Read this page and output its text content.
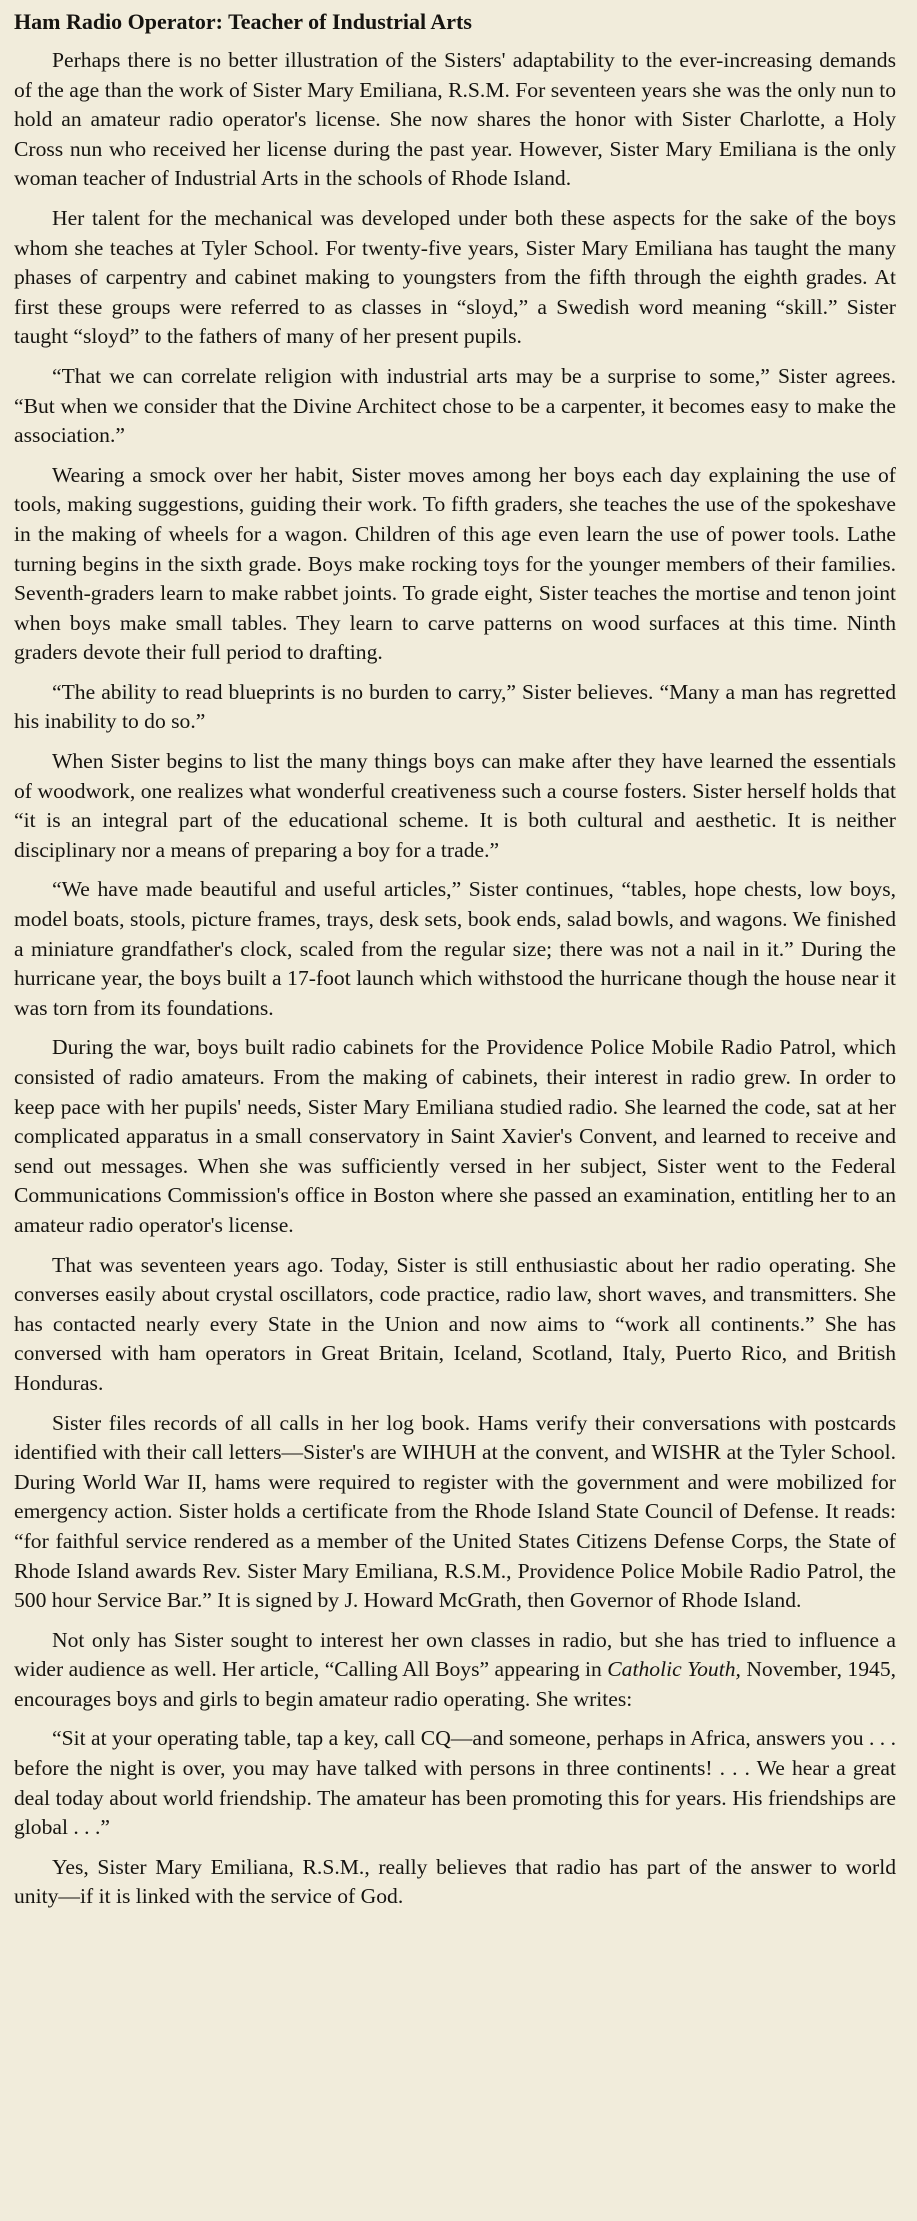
Ham Radio Operator: Teacher of Industrial Arts

Perhaps there is no better illustration of the Sisters' adaptability to the ever-increasing demands of the age than the work of Sister Mary Emiliana, R.S.M. For seventeen years she was the only nun to hold an amateur radio operator's license. She now shares the honor with Sister Charlotte, a Holy Cross nun who received her license during the past year. However, Sister Mary Emiliana is the only woman teacher of Industrial Arts in the schools of Rhode Island.

Her talent for the mechanical was developed under both these aspects for the sake of the boys whom she teaches at Tyler School. For twenty-five years, Sister Mary Emiliana has taught the many phases of carpentry and cabinet making to youngsters from the fifth through the eighth grades. At first these groups were referred to as classes in “sloyd,” a Swedish word meaning “skill.” Sister taught “sloyd” to the fathers of many of her present pupils.

“That we can correlate religion with industrial arts may be a surprise to some,” Sister agrees. “But when we consider that the Divine Architect chose to be a carpenter, it becomes easy to make the association.”

Wearing a smock over her habit, Sister moves among her boys each day explaining the use of tools, making suggestions, guiding their work. To fifth graders, she teaches the use of the spokeshave in the making of wheels for a wagon. Children of this age even learn the use of power tools. Lathe turning begins in the sixth grade. Boys make rocking toys for the younger members of their families. Seventh-graders learn to make rabbet joints. To grade eight, Sister teaches the mortise and tenon joint when boys make small tables. They learn to carve patterns on wood surfaces at this time. Ninth graders devote their full period to drafting.

“The ability to read blueprints is no burden to carry,” Sister believes. “Many a man has regretted his inability to do so.”

When Sister begins to list the many things boys can make after they have learned the essentials of woodwork, one realizes what wonderful creativeness such a course fosters. Sister herself holds that “it is an integral part of the educational scheme. It is both cultural and aesthetic. It is neither disciplinary nor a means of preparing a boy for a trade.”

“We have made beautiful and useful articles,” Sister continues, “tables, hope chests, low boys, model boats, stools, picture frames, trays, desk sets, book ends, salad bowls, and wagons. We finished a miniature grandfather's clock, scaled from the regular size; there was not a nail in it.” During the hurricane year, the boys built a 17-foot launch which withstood the hurricane though the house near it was torn from its foundations.

During the war, boys built radio cabinets for the Providence Police Mobile Radio Patrol, which consisted of radio amateurs. From the making of cabinets, their interest in radio grew. In order to keep pace with her pupils' needs, Sister Mary Emiliana studied radio. She learned the code, sat at her complicated apparatus in a small conservatory in Saint Xavier's Convent, and learned to receive and send out messages. When she was sufficiently versed in her subject, Sister went to the Federal Communications Commission's office in Boston where she passed an examination, entitling her to an amateur radio operator's license.

That was seventeen years ago. Today, Sister is still enthusiastic about her radio operating. She converses easily about crystal oscillators, code practice, radio law, short waves, and transmitters. She has contacted nearly every State in the Union and now aims to “work all continents.” She has conversed with ham operators in Great Britain, Iceland, Scotland, Italy, Puerto Rico, and British Honduras.

Sister files records of all calls in her log book. Hams verify their conversations with postcards identified with their call letters—Sister's are WIHUH at the convent, and WISHR at the Tyler School. During World War II, hams were required to register with the government and were mobilized for emergency action. Sister holds a certificate from the Rhode Island State Council of Defense. It reads: “for faithful service rendered as a member of the United States Citizens Defense Corps, the State of Rhode Island awards Rev. Sister Mary Emiliana, R.S.M., Providence Police Mobile Radio Patrol, the 500 hour Service Bar.” It is signed by J. Howard McGrath, then Governor of Rhode Island.

Not only has Sister sought to interest her own classes in radio, but she has tried to influence a wider audience as well. Her article, “Calling All Boys” appearing in Catholic Youth, November, 1945, encourages boys and girls to begin amateur radio operating. She writes:

“Sit at your operating table, tap a key, call CQ—and someone, perhaps in Africa, answers you . . . before the night is over, you may have talked with persons in three continents! . . . We hear a great deal today about world friendship. The amateur has been promoting this for years. His friendships are global . . .”

Yes, Sister Mary Emiliana, R.S.M., really believes that radio has part of the answer to world unity—if it is linked with the service of God.
